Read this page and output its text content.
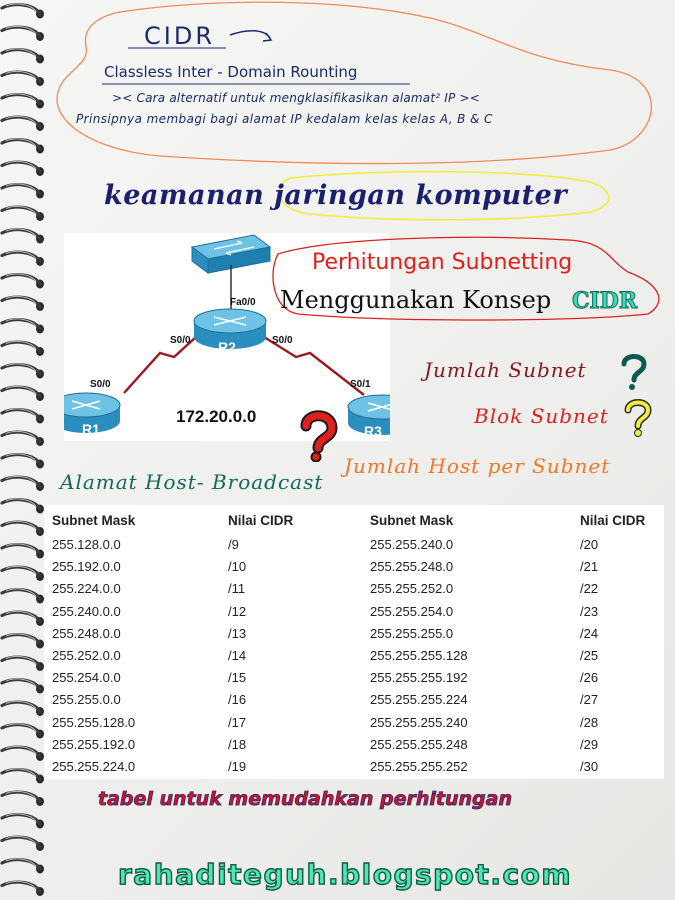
CIDR
Classless Inter - Domain Rounting
>< Cara alternatif untuk mengklasifikasikan alamat² IP ><
Prinsipnya membagi bagi alamat IP kedalam kelas kelas A, B & C
keamanan jaringan komputer
Fa0/0
S0/0	S0/0
R2
S0/0	S0/1
R1	R3
172.20.0.0
Perhitungan Subnetting
Menggunakan Konsep CIDR
Jumlah Subnet
Blok Subnet
Jumlah Host per Subnet
Alamat Host- Broadcast
Subnet Mask	Nilai CIDR	Subnet Mask	Nilai CIDR
255.128.0.0	/9	255.255.240.0	/20
255.192.0.0	/10	255.255.248.0	/21
255.224.0.0	/11	255.255.252.0	/22
255.240.0.0	/12	255.255.254.0	/23
255.248.0.0	/13	255.255.255.0	/24
255.252.0.0	/14	255.255.255.128	/25
255.254.0.0	/15	255.255.255.192	/26
255.255.0.0	/16	255.255.255.224	/27
255.255.128.0	/17	255.255.255.240	/28
255.255.192.0	/18	255.255.255.248	/29
255.255.224.0	/19	255.255.255.252	/30
tabel untuk memudahkan perhitungan
rahaditeguh.blogspot.com
